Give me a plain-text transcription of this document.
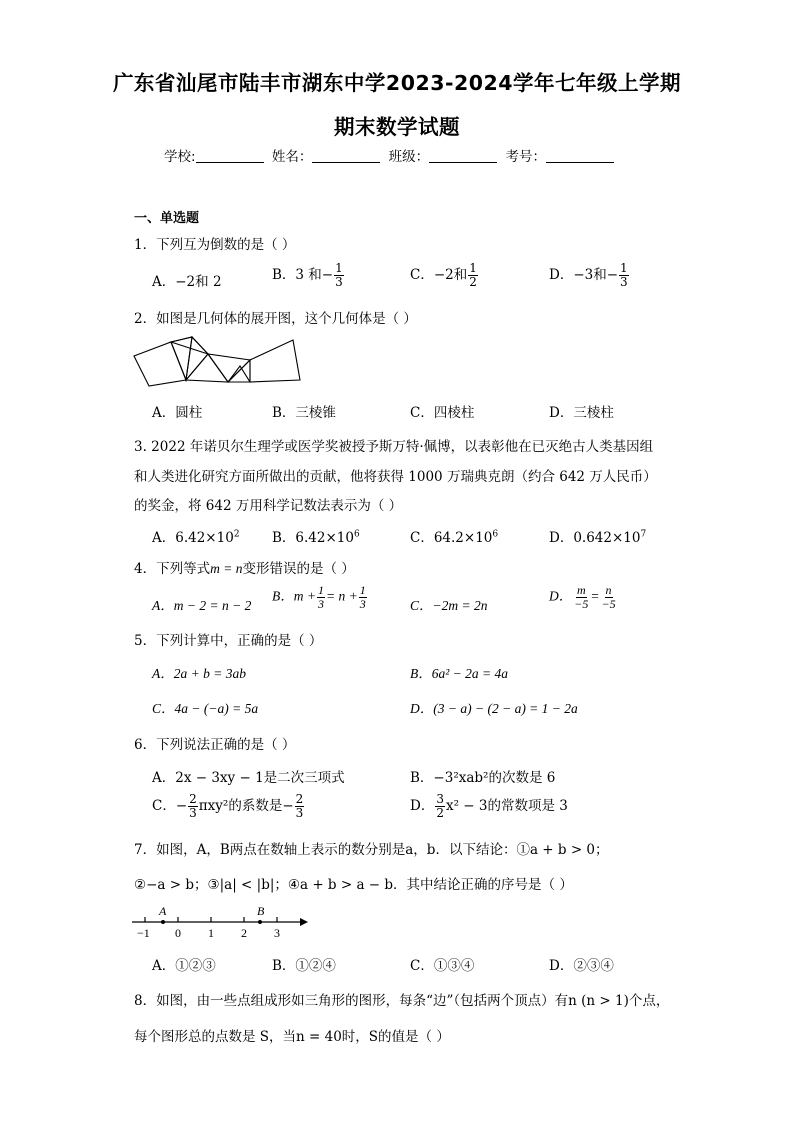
广东省汕尾市陆丰市湖东中学2023-2024学年七年级上学期
期末数学试题
学校:	姓名：	班级：	考号：
一、单选题
1．下列互为倒数的是（ ）
A．−2和 2	B．3 和− $\frac{1}{3}$	C．−2和 $\frac{1}{2}$	D．−3和− $\frac{1}{3}$
2．如图是几何体的展开图，这个几何体是（ ）
A．圆柱	B．三棱锥	C．四棱柱	D．三棱柱
3. 2022 年诺贝尔生理学或医学奖被授予斯万特·佩博，以表彰他在已灭绝古人类基因组
和人类进化研究方面所做出的贡献，他将获得 1000 万瑞典克朗（约合 642 万人民币）
的奖金，将 642 万用科学记数法表示为（ ）
A．$6.42\times 10^2$ B．$6.42\times 10^6$	C．$64.2\times 10^6$	D．$0.642\times 10^7$
4．下列等式m = n变形错误的是（ ）
A．m − 2 = n − 2
B．$m + \frac{1}{3} = n + \frac{1}{3}$	C．−2m = 2n
D． $\frac{m}{-5} = \frac{n}{-5}$
5．下列计算中，正确的是（ ）
A．2a + b = 3ab	B．6a² − 2a = 4a
C．4a − (−a) = 5a	D．(3 − a) − (2 − a) = 1 − 2a
6．下列说法正确的是（ ）
A．2x − 3xy − 1是二次三项式	B．−3²xab²的次数是 6
C．− $\frac{2}{3} \pi xy^2$的系数是− $\frac{2}{3}$	D． $\frac{3}{2} x^2 - 3$的常数项是 3
7．如图，A，B两点在数轴上表示的数分别是a，b．以下结论：①a + b > 0；
②−a > b；③|a| < |b|；④a + b > a − b．其中结论正确的序号是（ ）
A	B
−1 0 1 2 3
A．①②③	B．①②④	C．①③④	D．②③④
8．如图，由一些点组成形如三角形的图形，每条“边”（包括两个顶点）有n (n > 1)个点，
每个图形总的点数是 S，当n = 40时，S的值是（ ）
